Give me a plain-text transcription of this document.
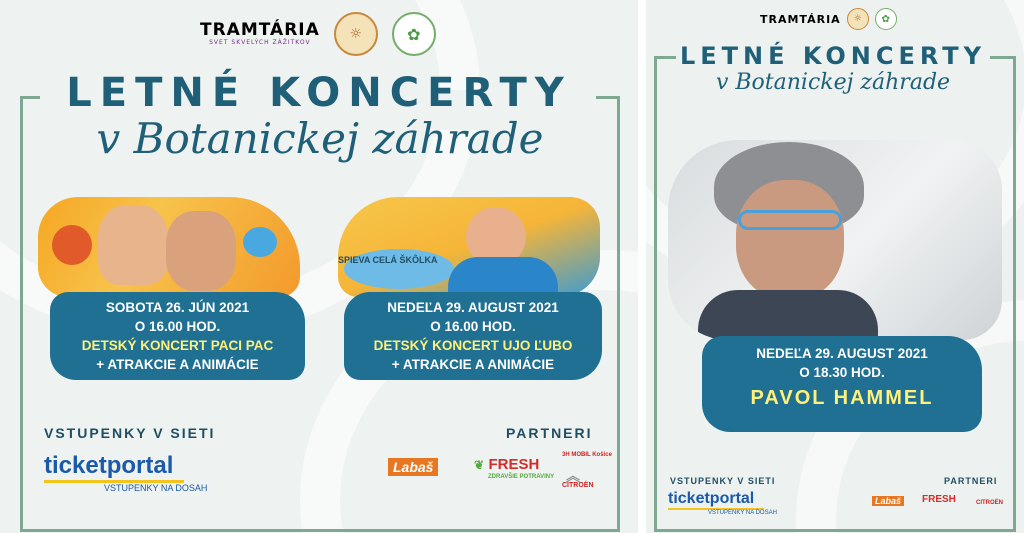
TRAMTÁRIA
SVET SKVELÝCH ZÁŽITKOV
☼	✿
LETNÉ KONCERTY
v Botanickej záhrade
SOBOTA 26. JÚN 2021
O 16.00 HOD.
DETSKÝ KONCERT PACI PAC
+ ATRAKCIE A ANIMÁCIE
SPIEVA CELÁ ŠKÔLKA
NEDEĽA 29. AUGUST 2021
O 16.00 HOD.
DETSKÝ KONCERT UJO ĽUBO
+ ATRAKCIE A ANIMÁCIE
VSTUPENKY V SIETI
ticketportal
VSTUPENKY NA DOSAH
PARTNERI
Labaš	❦ FRESH
ZDRAVŠIE POTRAVINY
3H MOBIL Košice
︽
CITROËN
TRAMTÁRIA	☼	✿
LETNÉ KONCERTY
v Botanickej záhrade
NEDEĽA 29. AUGUST 2021
O 18.30 HOD.
PAVOL HAMMEL
VSTUPENKY V SIETI
ticketportal
VSTUPENKY NA DOSAH
PARTNERI
Labaš	FRESH	CITROËN
